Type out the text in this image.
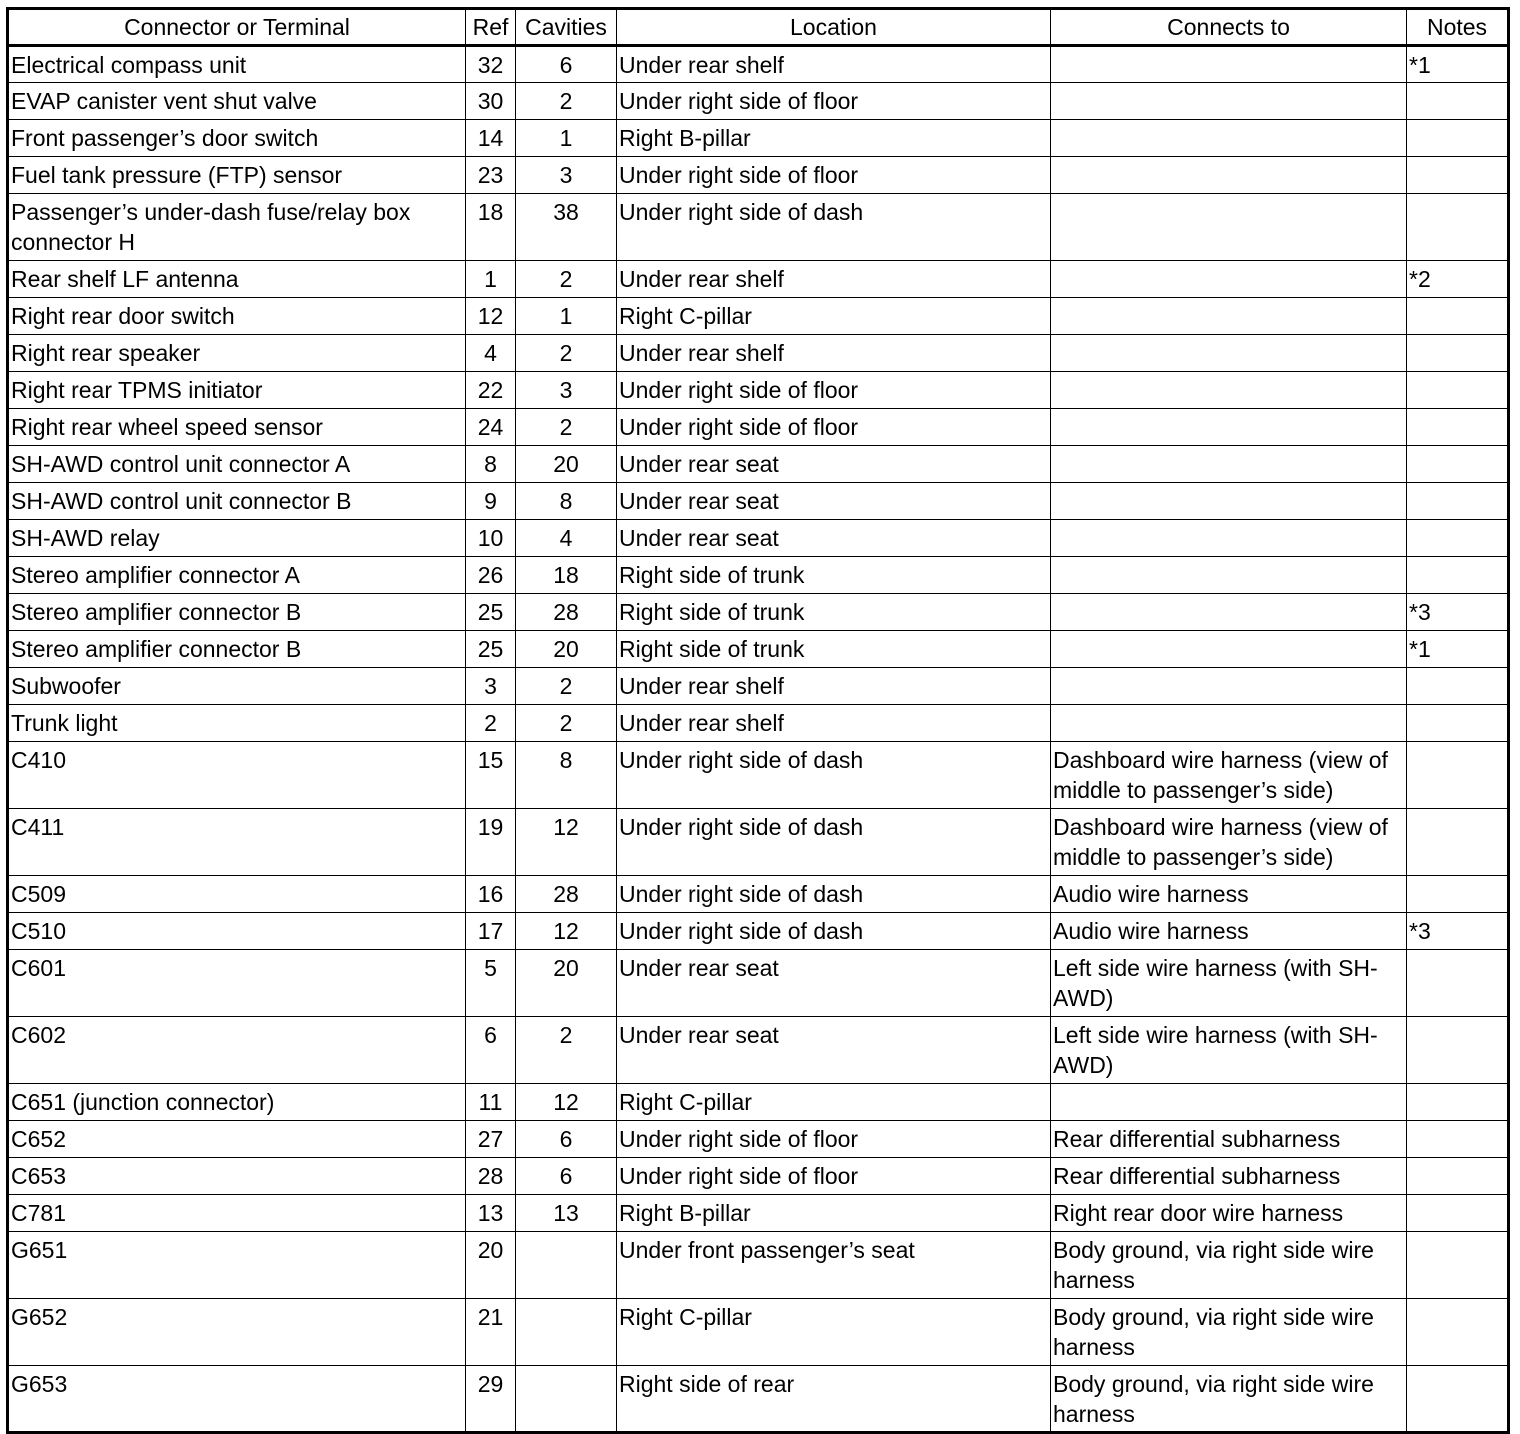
Connector or Terminal	Ref	Cavities	Location	Connects to	Notes
Electrical compass unit	32	6	Under rear shelf		*1
EVAP canister vent shut valve	30	2	Under right side of floor		
Front passenger’s door switch	14	1	Right B-pillar		
Fuel tank pressure (FTP) sensor	23	3	Under right side of floor		
Passenger’s under-dash fuse/relay box connector H	18	38	Under right side of dash		
Rear shelf LF antenna	1	2	Under rear shelf		*2
Right rear door switch	12	1	Right C-pillar		
Right rear speaker	4	2	Under rear shelf		
Right rear TPMS initiator	22	3	Under right side of floor		
Right rear wheel speed sensor	24	2	Under right side of floor		
SH-AWD control unit connector A	8	20	Under rear seat		
SH-AWD control unit connector B	9	8	Under rear seat		
SH-AWD relay	10	4	Under rear seat		
Stereo amplifier connector A	26	18	Right side of trunk		
Stereo amplifier connector B	25	28	Right side of trunk		*3
Stereo amplifier connector B	25	20	Right side of trunk		*1
Subwoofer	3	2	Under rear shelf		
Trunk light	2	2	Under rear shelf		
C410	15	8	Under right side of dash	Dashboard wire harness (view of middle to passenger’s side)	
C411	19	12	Under right side of dash	Dashboard wire harness (view of middle to passenger’s side)	
C509	16	28	Under right side of dash	Audio wire harness	
C510	17	12	Under right side of dash	Audio wire harness	*3
C601	5	20	Under rear seat	Left side wire harness (with SH-AWD)	
C602	6	2	Under rear seat	Left side wire harness (with SH-AWD)	
C651 (junction connector)	11	12	Right C-pillar		
C652	27	6	Under right side of floor	Rear differential subharness	
C653	28	6	Under right side of floor	Rear differential subharness	
C781	13	13	Right B-pillar	Right rear door wire harness	
G651	20		Under front passenger’s seat	Body ground, via right side wire harness	
G652	21		Right C-pillar	Body ground, via right side wire harness	
G653	29		Right side of rear	Body ground, via right side wire harness	
